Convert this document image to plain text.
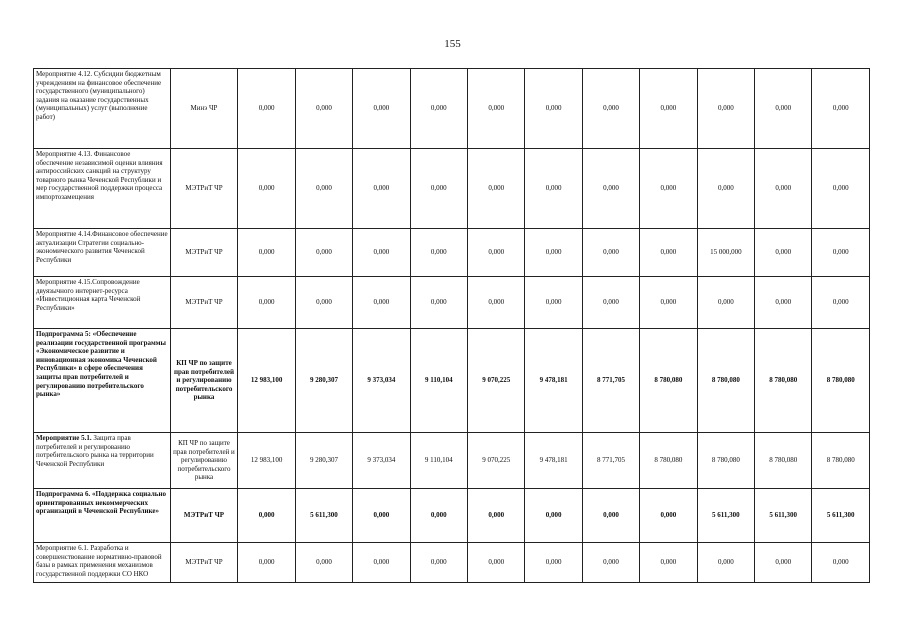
155
Мероприятие 4.12. Субсидии бюджетным учреждениям на финансовое обеспечение государственного (муниципального) задания на оказание государственных (муниципальных) услуг (выполнение работ)	Минэ ЧР	0,000	0,000	0,000	0,000	0,000	0,000	0,000	0,000	0,000	0,000	0,000
Мероприятие 4.13. Финансовое обеспечение независимой оценки влияния антироссийских санкций на структуру товарного рынка Чеченской Республики и мер государственной поддержки процесса импортозамещения	МЭТРиТ ЧР	0,000	0,000	0,000	0,000	0,000	0,000	0,000	0,000	0,000	0,000	0,000
Мероприятие 4.14.Финансовое обеспечение актуализации Стратегии социально-экономического развития Чеченской Республики	МЭТРиТ ЧР	0,000	0,000	0,000	0,000	0,000	0,000	0,000	0,000	15 000,000	0,000	0,000
Мероприятие 4.15.Сопровождение двуязычного интернет-ресурса «Инвестиционная карта Чеченской Республики»	МЭТРиТ ЧР	0,000	0,000	0,000	0,000	0,000	0,000	0,000	0,000	0,000	0,000	0,000
Подпрограмма 5: «Обеспечение реализации государственной программы «Экономическое развитие и инновационная экономика Чеченской Республики» в сфере обеспечения защиты прав потребителей и регулированию потребительского рынка»	КП ЧР по защите прав потребителей и регулированию потребительского рынка	12 983,100	9 280,307	9 373,034	9 110,104	9 070,225	9 478,181	8 771,705	8 780,080	8 780,080	8 780,080	8 780,080
Мероприятие 5.1. Защита прав потребителей и регулированию потребительского рынка на территории Чеченской Республики	КП ЧР по защите прав потребителей и регулированию потребительского рынка	12 983,100	9 280,307	9 373,034	9 110,104	9 070,225	9 478,181	8 771,705	8 780,080	8 780,080	8 780,080	8 780,080
Подпрограмма 6. «Поддержка социально ориентированных некоммерческих организаций в Чеченской Республике»	МЭТРиТ ЧР	0,000	5 611,300	0,000	0,000	0,000	0,000	0,000	0,000	5 611,300	5 611,300	5 611,300
Мероприятие 6.1. Разработка и совершенствование нормативно-правовой базы в рамках применения механизмов государственной поддержки СО НКО	МЭТРиТ ЧР	0,000	0,000	0,000	0,000	0,000	0,000	0,000	0,000	0,000	0,000	0,000
